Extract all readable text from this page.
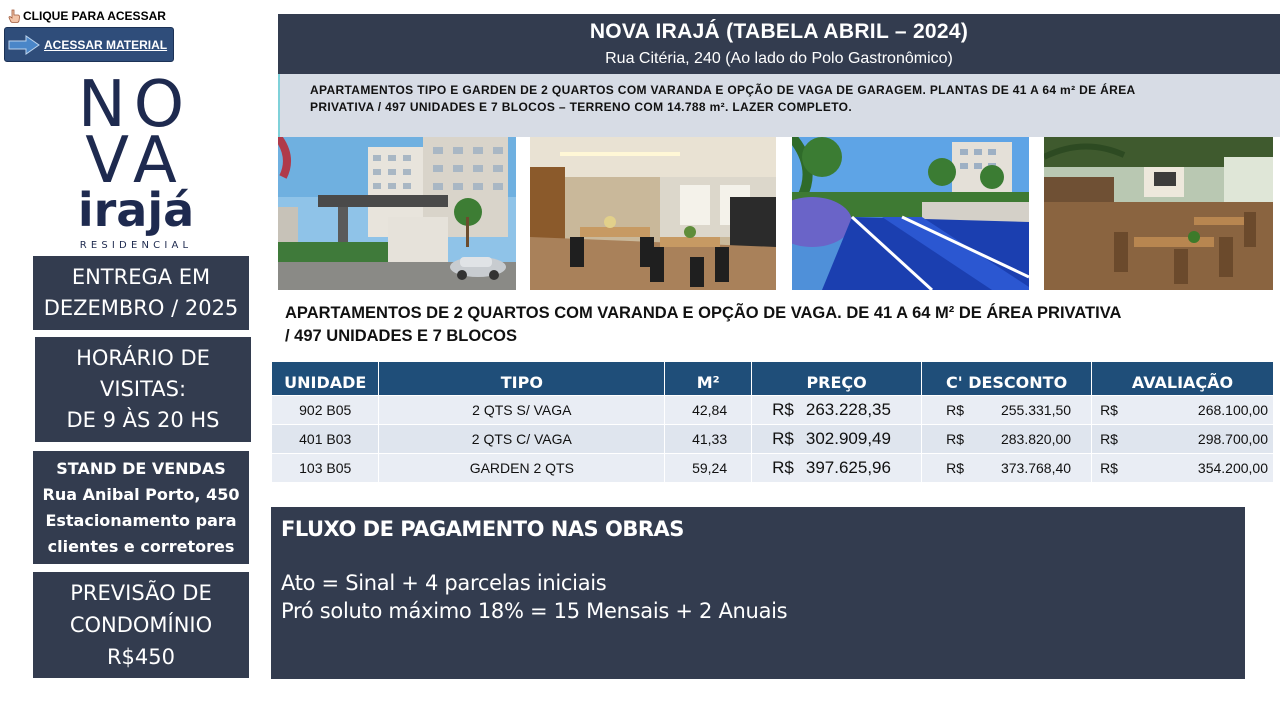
CLIQUE PARA ACESSAR
ACESSAR MATERIAL
NO
VA
irajá
RESIDENCIAL
ENTREGA EM
DEZEMBRO / 2025
HORÁRIO DE
VISITAS:
DE 9 ÀS 20 HS
STAND DE VENDAS
Rua Anibal Porto, 450
Estacionamento para
clientes e corretores
PREVISÃO DE
CONDOMÍNIO
R$450
NOVA IRAJÁ (TABELA ABRIL – 2024)
Rua Citéria, 240 (Ao lado do Polo Gastronômico)
APARTAMENTOS TIPO E GARDEN DE 2 QUARTOS COM VARANDA E OPÇÃO DE VAGA DE GARAGEM. PLANTAS DE 41 A 64 m² DE ÁREA
PRIVATIVA / 497 UNIDADES E 7 BLOCOS – TERRENO COM 14.788 m². LAZER COMPLETO.
APARTAMENTOS DE 2 QUARTOS COM VARANDA E OPÇÃO DE VAGA. DE 41 A 64 M² DE ÁREA PRIVATIVA
/ 497 UNIDADES E 7 BLOCOS
UNIDADE	TIPO	M²	PREÇO	C' DESCONTO	AVALIAÇÃO
902 B05	2 QTS S/ VAGA	42,84	R$ 263.228,35	R$ 255.331,50	R$ 268.100,00

401 B03	2 QTS C/ VAGA	41,33	R$ 302.909,49	R$ 283.820,00	R$ 298.700,00

103 B05	GARDEN 2 QTS	59,24	R$ 397.625,96	R$ 373.768,40	R$ 354.200,00
FLUXO DE PAGAMENTO NAS OBRAS
Ato = Sinal + 4 parcelas iniciais
Pró soluto máximo 18% = 15 Mensais + 2 Anuais
